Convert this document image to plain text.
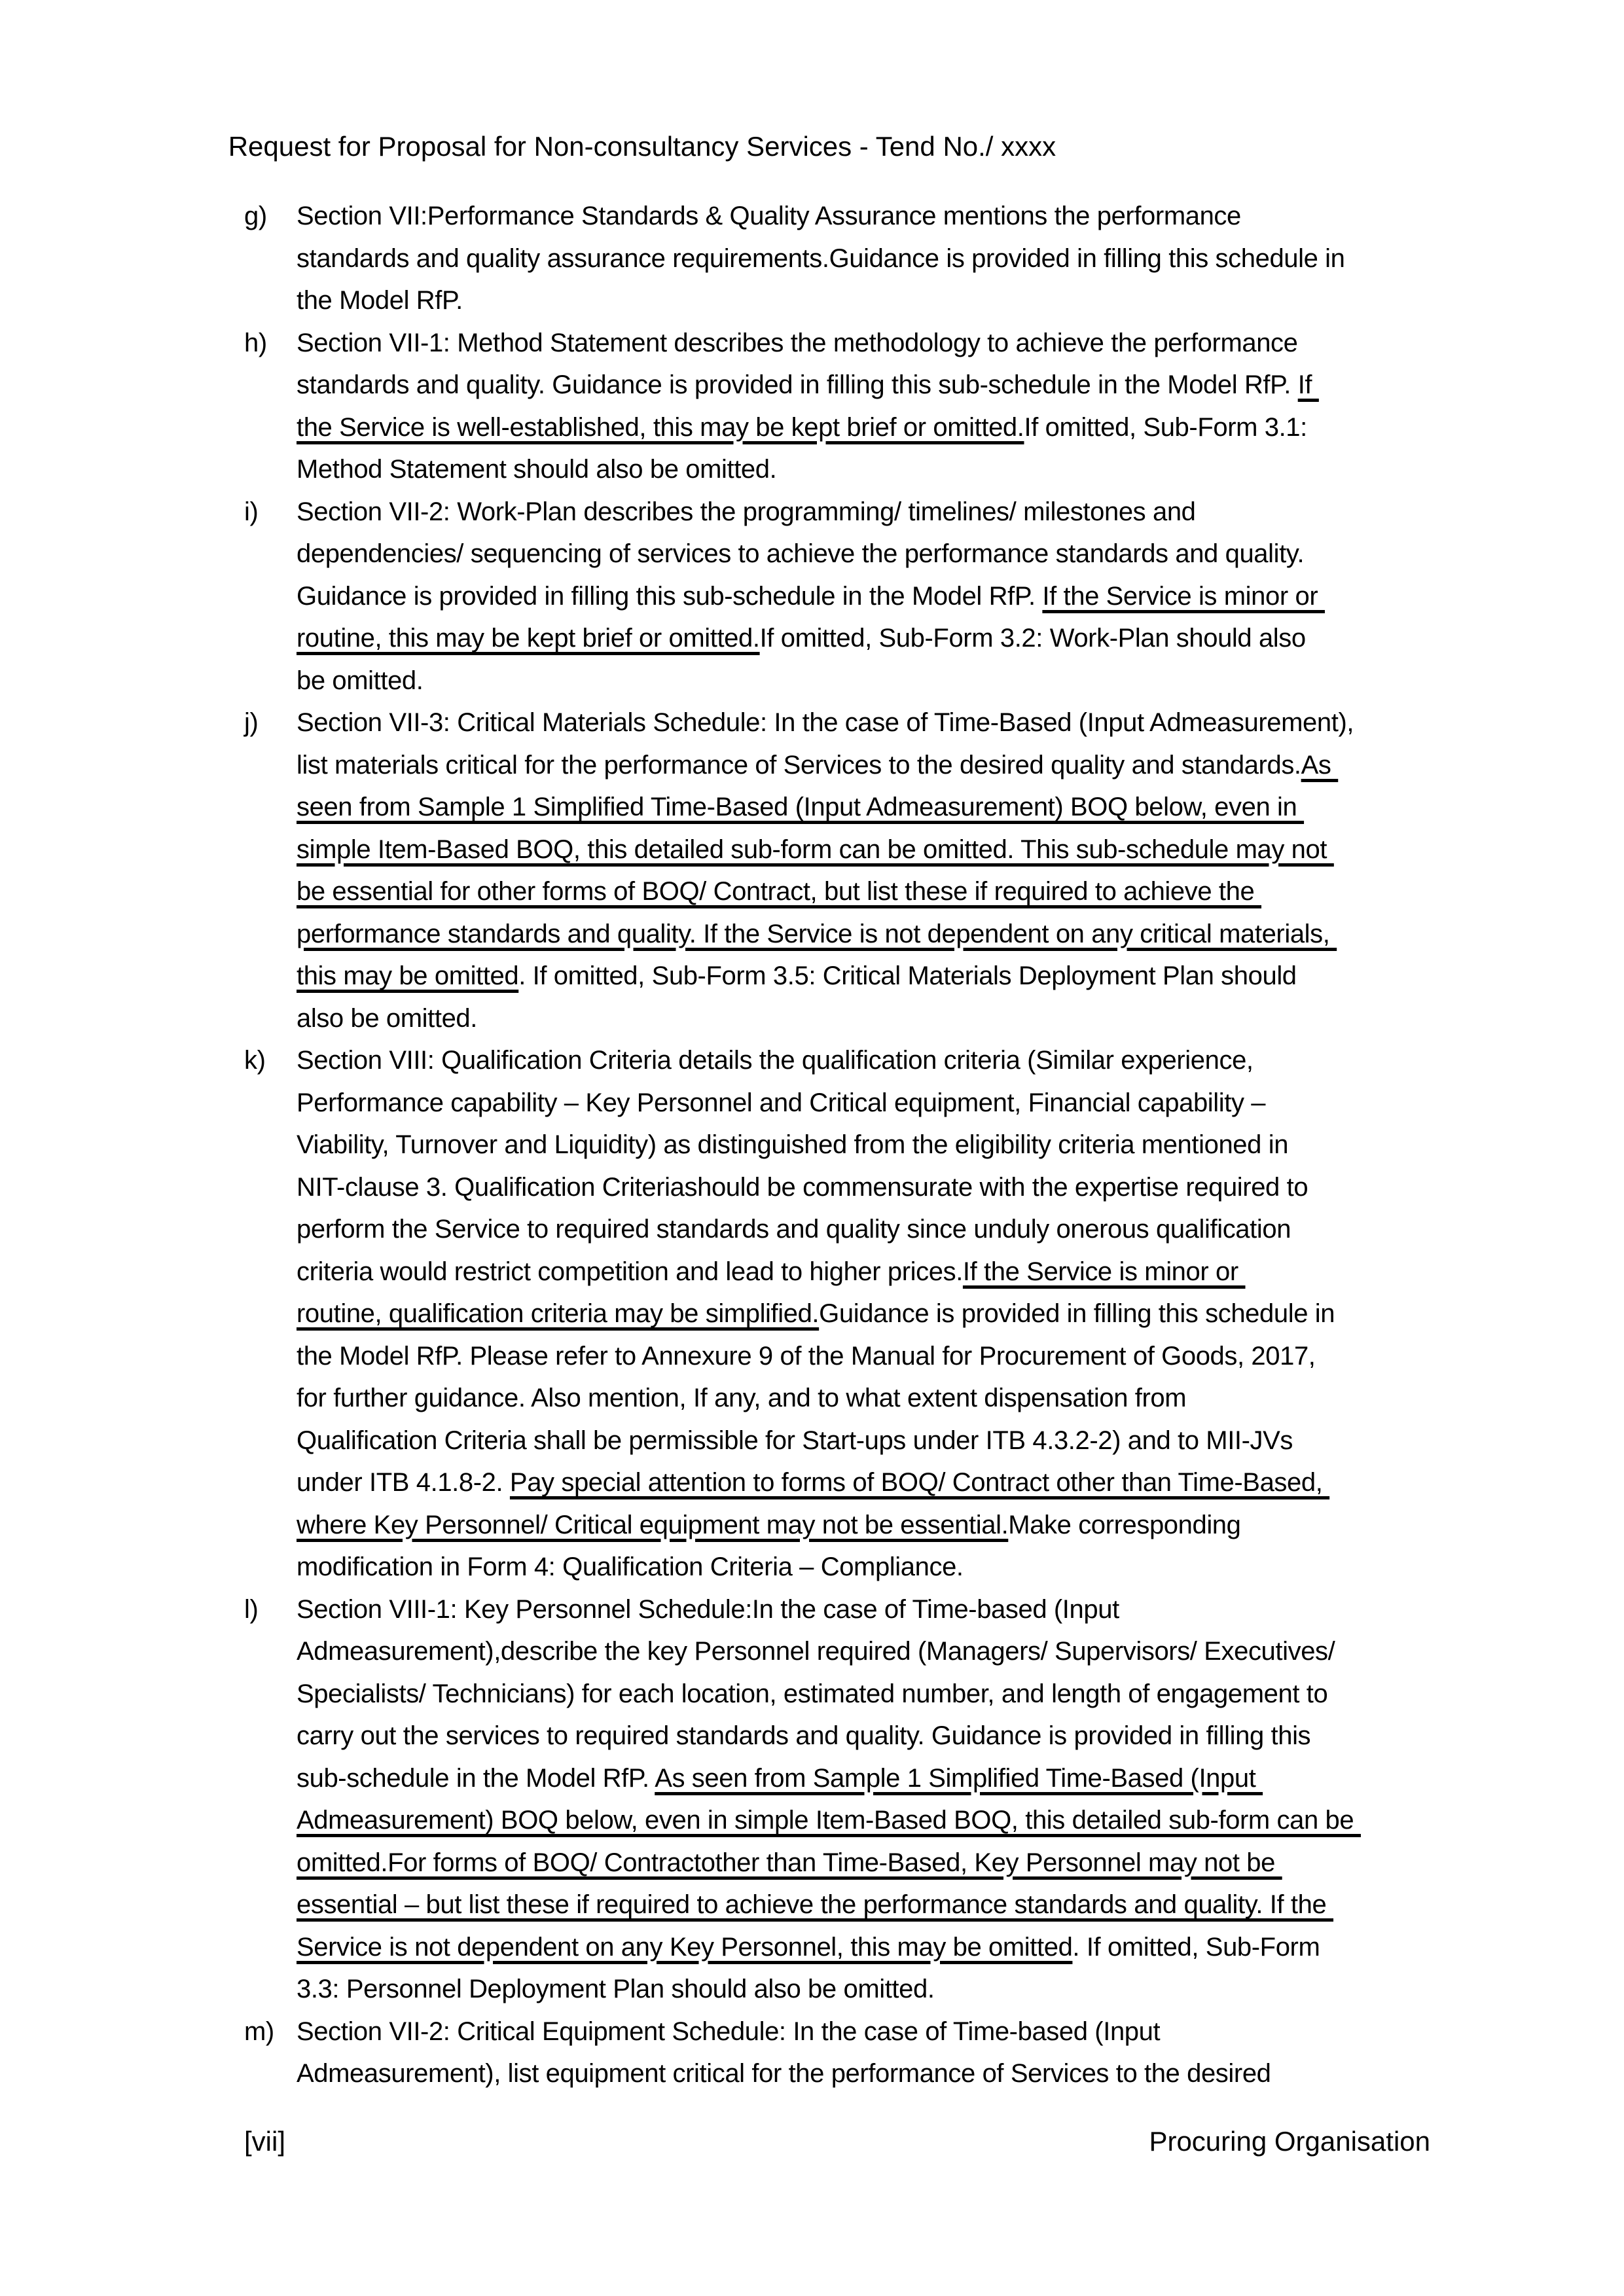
Request for Proposal for Non-consultancy Services - Tend No./ xxxx

g)	Section VII:Performance Standards & Quality Assurance mentions the performance
standards and quality assurance requirements.Guidance is provided in filling this schedule in
the Model RfP.
h)	Section VII-1: Method Statement describes the methodology to achieve the performance
standards and quality. Guidance is provided in filling this sub-schedule in the Model RfP. If
the Service is well-established, this may be kept brief or omitted.If omitted, Sub-Form 3.1:
Method Statement should also be omitted.
i)	Section VII-2: Work-Plan describes the programming/ timelines/ milestones and
dependencies/ sequencing of services to achieve the performance standards and quality.
Guidance is provided in filling this sub-schedule in the Model RfP. If the Service is minor or
routine, this may be kept brief or omitted.If omitted, Sub-Form 3.2: Work-Plan should also
be omitted.
j)	Section VII-3: Critical Materials Schedule: In the case of Time-Based (Input Admeasurement),
list materials critical for the performance of Services to the desired quality and standards.As
seen from Sample 1 Simplified Time-Based (Input Admeasurement) BOQ below, even in
simple Item-Based BOQ, this detailed sub-form can be omitted. This sub-schedule may not
be essential for other forms of BOQ/ Contract, but list these if required to achieve the
performance standards and quality. If the Service is not dependent on any critical materials,
this may be omitted. If omitted, Sub-Form 3.5: Critical Materials Deployment Plan should
also be omitted.
k)	Section VIII: Qualification Criteria details the qualification criteria (Similar experience,
Performance capability – Key Personnel and Critical equipment, Financial capability –
Viability, Turnover and Liquidity) as distinguished from the eligibility criteria mentioned in
NIT-clause 3. Qualification Criteriashould be commensurate with the expertise required to
perform the Service to required standards and quality since unduly onerous qualification
criteria would restrict competition and lead to higher prices.If the Service is minor or
routine, qualification criteria may be simplified.Guidance is provided in filling this schedule in
the Model RfP. Please refer to Annexure 9 of the Manual for Procurement of Goods, 2017,
for further guidance. Also mention, If any, and to what extent dispensation from
Qualification Criteria shall be permissible for Start-ups under ITB 4.3.2-2) and to MII-JVs
under ITB 4.1.8-2. Pay special attention to forms of BOQ/ Contract other than Time-Based,
where Key Personnel/ Critical equipment may not be essential.Make corresponding
modification in Form 4: Qualification Criteria – Compliance.
l)	Section VIII-1: Key Personnel Schedule:In the case of Time-based (Input
Admeasurement),describe the key Personnel required (Managers/ Supervisors/ Executives/
Specialists/ Technicians) for each location, estimated number, and length of engagement to
carry out the services to required standards and quality. Guidance is provided in filling this
sub-schedule in the Model RfP. As seen from Sample 1 Simplified Time-Based (Input
Admeasurement) BOQ below, even in simple Item-Based BOQ, this detailed sub-form can be
omitted.For forms of BOQ/ Contractother than Time-Based, Key Personnel may not be
essential – but list these if required to achieve the performance standards and quality. If the
Service is not dependent on any Key Personnel, this may be omitted. If omitted, Sub-Form
3.3: Personnel Deployment Plan should also be omitted.
m) Section VII-2: Critical Equipment Schedule: In the case of Time-based (Input
Admeasurement), list equipment critical for the performance of Services to the desired
[vii]	Procuring Organisation
